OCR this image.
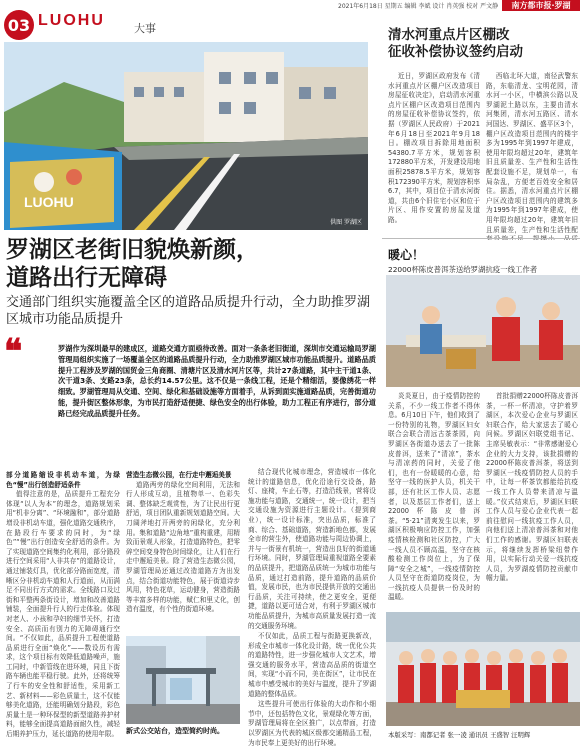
2021年6月18日 星期五 编辑 李斌 设计 肖英强 校对 严文静	南方都市报·罗湖
03 LUOHU	大事
LUOHU
供图 罗湖区
罗湖区老街旧貌焕新颜，
道路出行无障碍
交通部门组织实施覆盖全区的道路品质提升行动，全力助推罗湖区城市功能品质提升
❝	罗湖作为深圳最早的建成区，道路交通方面亟待改善。面对一条条老旧街道，深圳市交通运输局罗湖管理局组织实施了一场覆盖全区的道路品质提升行动，全力助推罗湖区城市功能品质提升。道路品质提升工程涉及罗湖的国贸金三角商圈、清塘片区及清水河片区等，共计27条道路，其中主干道1条、次干道3条、支路23条，总长约14.57公里。这不仅是一条线工程，还是个精细活，要像绣花一样细致。罗湖管理局从交通、空间、绿化和基础设施等方面着手，从诉到面实施道路品质，完善街道功能，提升街区整体形象，为市民打造舒适便捷、绿色安全的出行体验，助力工程正有序进行，部分道路已经完成品质提升任务。
部分道路缩设非机动车道，为绿色“慢”出行创造舒适条件

值得注意的是，品质提升工程充分体现“以人为本”的理念，道路规划采用“机非分离”、“环境融和”，部分道路增设非机动车道，强化道路交通秩序，在路段行车要求的同时，为“绿色”“慢”出行创造安全舒适的条件。为了实现道路空间集约化利用，部分路段进行空间采用“人非共存”的道路设计，通过铺装灯具，优化部分路面宽度，清晰区分非机动车道和人行道面，从而满足不同出行方式的需求。全线路口及过街和平整两条街设计，增加和改善道路铺装，全面提升行人的行走体验。体现对老人、小孩和孕妇的细节关怀，打造安全、高质而有别力的无障碍通行空间。“不仅如此，品质提升工程使道路品质进行全面“焕化”——数设历有需求，这个项目标有效降低道路噪声，施工同时，中新管线在进环境，同且下街路车辆也能平稳行驶。此外，还将统筹了行车的安全性和舒适性，采用新工艺、新材料——彩色质量土，这不仅能够美化道路，还能明确划分路段，彩色质量土是一种环保型的新型道路养护材料，能够全面提高道路面耐久性，减轻后期养护压力，延长道路的使用年限。

营造生态微公园，在行走中邂逅美景

道路两旁的绿化空间利用，无法和行人形成互动，且植物单一、色彩失调、整体缺乏观赏性，为了让民出行更舒适，项目团队重新规划道路空间。大刀阔斧地打开两旁的闲绿化，充分利用。集和道路“边角地”重构重建，用精致而景观人形象，打造道路特色，把零碎空间变身特色时间绿化，让人们在行走中邂逅美景。除了营造生态微公园，罗湖管理局还通过改造道路方为出发点，结合街道功能特色，展于街道诗步风用，特色花草，运动健身，营造街路等丰富多样的功能，赋仁和里丈化，创造有温度，有个性的街道环境。

新式公交站台，造型简约时尚。

结合现代化城市理念，营造城市一体化统计的道路信息，优化沿途行交设备，路灯、座椅，车止石等，打造沿线景，营将设施功能与道路，交通统一，统一设计，把当交通设施为资源进行主题设计。（提到商业），统一设计标准，突出品质，标准了商、综合、基础道路，营造新地色都，发展全市的营生外，使道路功能与周边协调上，并与一街景有机统一，营造出良好的街道通行环境。同时，罗湖管理局重视道路全要素的品质提升，把道路品质统一为城市功能与品质，通过打造前路，提升道路的品质价值，发展市民，也为市民提供开放的交通出行品质，关注可持续，使之更安全，更便捷，道路以更可适合对，有利于罗湖区城市功能品质提升，为城市高质量发展打造一流的交通服务环境。

不仅如此，品质工程与街路更换新改，形成全市城市一体化设计路，统一优化公共的道路特性，进一步强化城市人文艺术，增强交通的服务水平，营造高品质的街道空间，实现“小而不同，美在街区”，让市民在城市中感受城市的美好与温度，提升了罗湖道路的整体品质。

这些提升可使出行体验的大动作和小细节中，还包括特色文化，景观绿化等方面，罗湖管理局将在全区推广，以点带面，打造以罗湖区为代表的城区级都交通精品工程，为市民奉上更美好的出行环境。

清水河重点片区棚改
征收补偿协议签约启动

近日，罗湖区政府发布《清水河重点片区棚户区改造项目房屋征收决定》，启动清水河重点片区棚户区改造项目范围内的房屋征收补偿协议签约，依据（罗湖区人民政府）于2021年6月18日至2021年9月18日。棚改项目拆除用地面积54380.7平方米，规划容积172880平方米，开发建设用地面积25878.5平方米，规划容积172390平方米，规划容积率6.7，其中，项目位于清水河街道，共由6个旧住宅小区和位于片区、用作安置的房屋及道路。

西临北环大道，南径武警东路，东临清龙、宝明花园，清水河一小区，中横滨公路以及罗湖泥土路以东，主要由清水河集团，清水河五路区、清水河国达、罗湖区、盛平区3个，棚户区改造项目范围内的楼宇多为1995年到1997年建成，使用年限均超过20年，建筑年旧且质量差、生产性和生活性配套设施不足，规划单一，布局杂乱，方便老百姓安全和居住。据悉，清水河重点片区棚户区改造项目范围内的建筑多为1995年到1997年建成，使用年限均超过20年，建筑年旧且质量差，生产性和生活性配

暖心！
22000杯陈皮普洱茶送给罗湖抗疫一线工作者

炎炎夏日，由于疫情防控的关系，不少一线工作者不得休息。6月10日下午，他们收到了一份特别的礼物，罗湖区妇女联合会联合清远古茶茶园，向罗湖区各街道办送去了一批陈皮普洱，送来了“清凉”，茶水与清凉药的同时，关爱了他们，也有一份暖暖的心意，给坚守一线的医护人员，机关干部，还有社区工作人员、志愿者，以及基层工作者们，送上22000杯陈皮普洱茶。“5·21”清爽发生以来，罗湖区积极响应防控工作，加强疫情核检测和社区防控，广大一线人员不顾高温，坚守在核酸检测工作岗位上，为了保障“安全之城”，一线疫情防控人员坚守在街道防疫岗位，为一线抗疫人员提供一份及时的温暖。

首批捐赠22000杯陈皮普洱茶，一杯一杯清凉，守护着罗湖区，本次爱心企业与罗湖区妇联合作，给大家送去了暖心问候。罗湖区妇联党组书记、主席吴敏表示：“非常感谢爱心企业的大力支持，该批捐赠的22000杯陈皮普洱茶，将送到罗湖区一线疫情防控人员的手中，让每一杯茶饮都能给抗疫一线工作人员带来清凉与温暖。”仪式结束后，罗湖区妇联工作人员与爱心企业代表一起前往慰问一线抗疫工作人员，向他们送上清凉普洱茶和对他们工作的感谢。罗湖区妇联表示，将继续发挥桥梁纽带作用，以实际行动关爱一线抗疫人员，为罗湖疫情防控贡献巾帼力量。

本版采写：南都记者 张一凌 通讯员 王盛智 汪明辉
